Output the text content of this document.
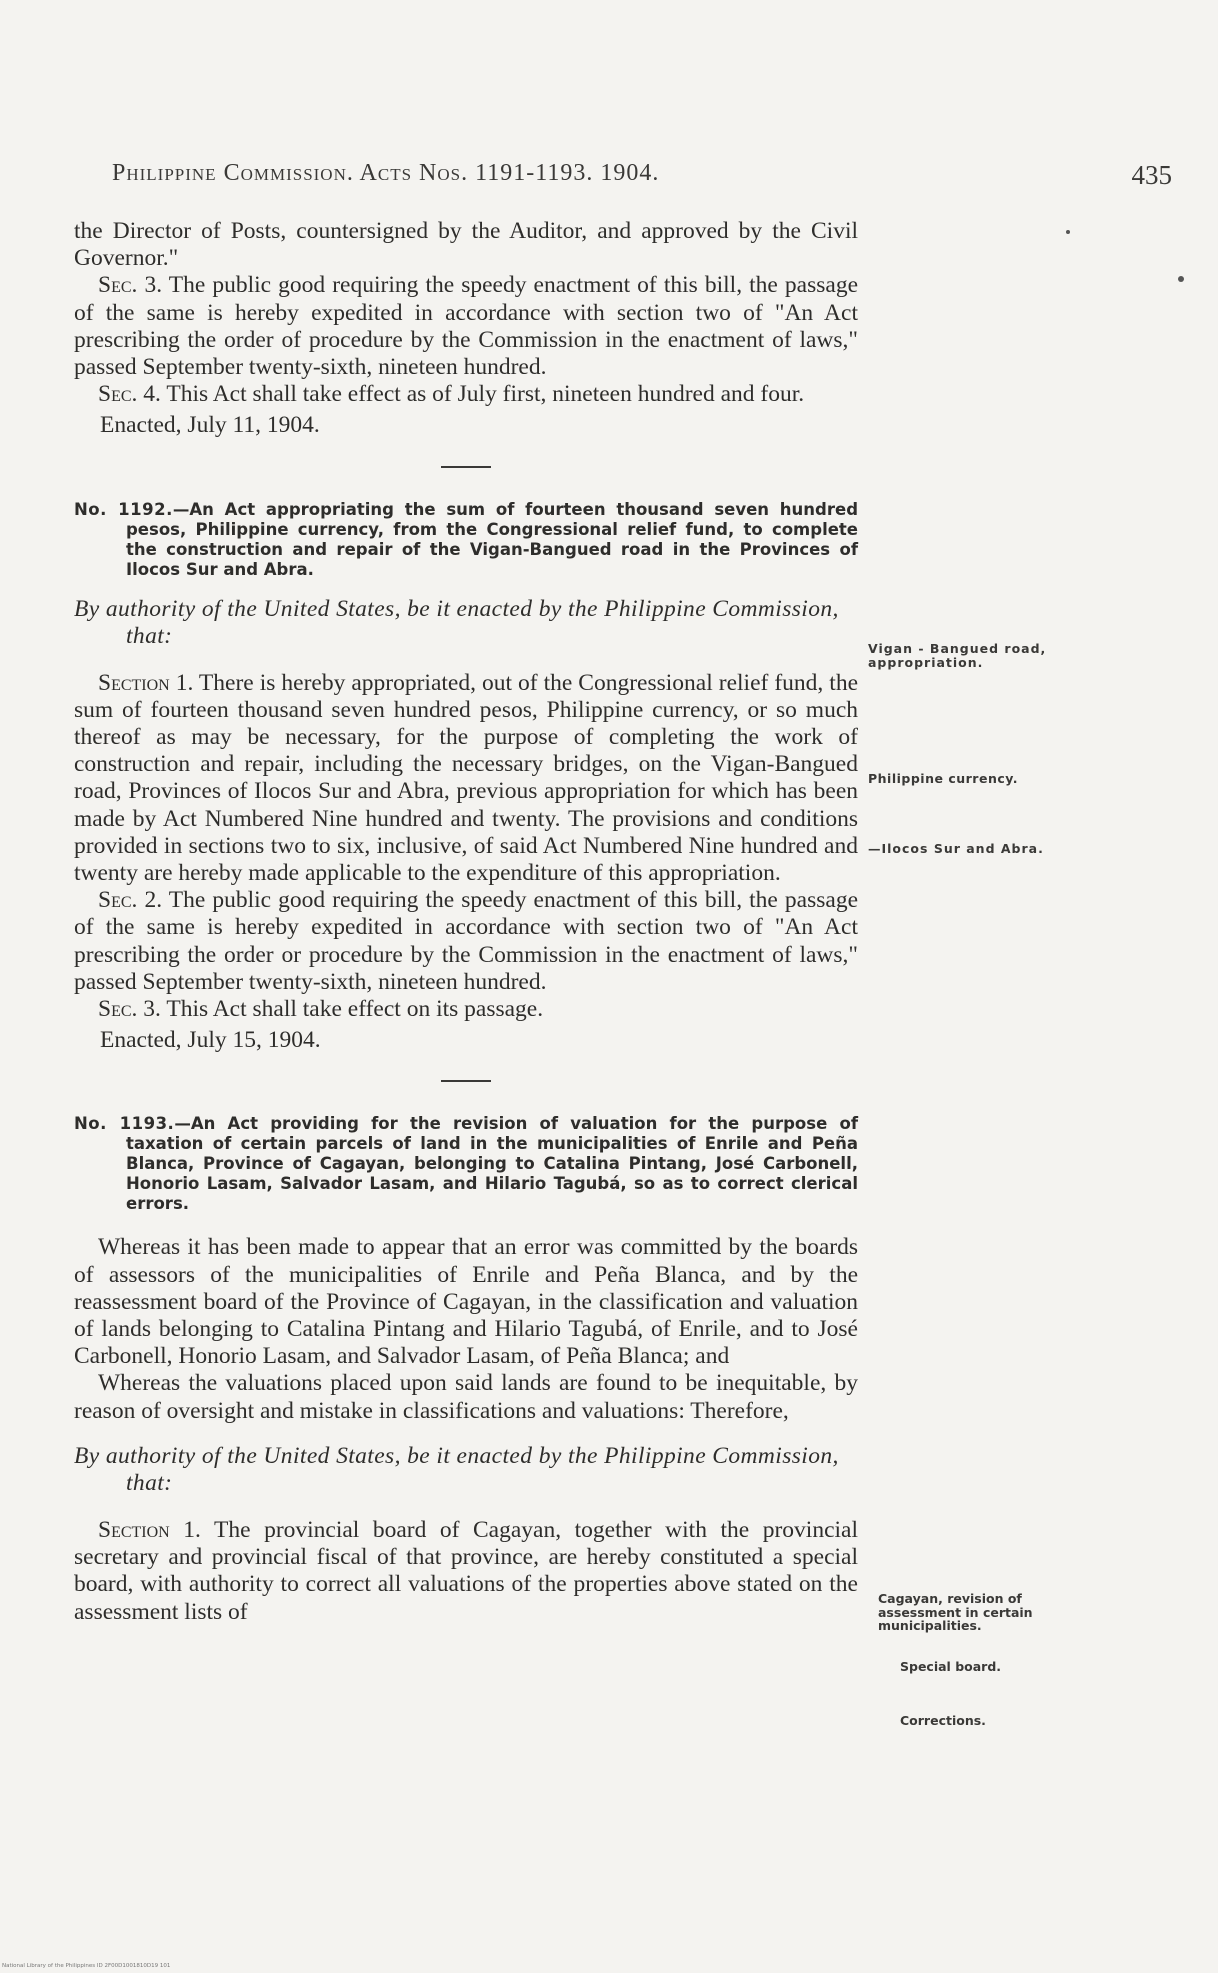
Philippine Commission. Acts Nos. 1191-1193. 1904.	435

the Director of Posts, countersigned by the Auditor, and approved by the Civil Governor."

Sec. 3. The public good requiring the speedy enactment of this bill, the passage of the same is hereby expedited in accordance with section two of "An Act prescribing the order of procedure by the Commission in the enactment of laws," passed September twenty-sixth, nineteen hundred.

Sec. 4. This Act shall take effect as of July first, nineteen hundred and four.

Enacted, July 11, 1904.

No. 1192.—An Act appropriating the sum of fourteen thousand seven hundred pesos, Philippine currency, from the Congressional relief fund, to complete the construction and repair of the Vigan-Bangued road in the Provinces of Ilocos Sur and Abra.

By authority of the United States, be it enacted by the Philippine Commission, that:

Section 1. There is hereby appropriated, out of the Congressional relief fund, the sum of fourteen thousand seven hundred pesos, Philippine currency, or so much thereof as may be necessary, for the purpose of completing the work of construction and repair, including the necessary bridges, on the Vigan-Bangued road, Provinces of Ilocos Sur and Abra, previous appropriation for which has been made by Act Numbered Nine hundred and twenty. The provisions and conditions provided in sections two to six, inclusive, of said Act Numbered Nine hundred and twenty are hereby made applicable to the expenditure of this appropriation.

Sec. 2. The public good requiring the speedy enactment of this bill, the passage of the same is hereby expedited in accordance with section two of "An Act prescribing the order or procedure by the Commission in the enactment of laws," passed September twenty-sixth, nineteen hundred.

Sec. 3. This Act shall take effect on its passage.

Enacted, July 15, 1904.

No. 1193.—An Act providing for the revision of valuation for the purpose of taxation of certain parcels of land in the municipalities of Enrile and Peña Blanca, Province of Cagayan, belonging to Catalina Pintang, José Carbonell, Honorio Lasam, Salvador Lasam, and Hilario Tagubá, so as to correct clerical errors.

Whereas it has been made to appear that an error was committed by the boards of assessors of the municipalities of Enrile and Peña Blanca, and by the reassessment board of the Province of Cagayan, in the classification and valuation of lands belonging to Catalina Pintang and Hilario Tagubá, of Enrile, and to José Carbonell, Honorio Lasam, and Salvador Lasam, of Peña Blanca; and

Whereas the valuations placed upon said lands are found to be inequitable, by reason of oversight and mistake in classifications and valuations: Therefore,

By authority of the United States, be it enacted by the Philippine Commission, that:

Section 1. The provincial board of Cagayan, together with the provincial secretary and provincial fiscal of that province, are hereby constituted a special board, with authority to correct all valuations of the properties above stated on the assessment lists of

Vigan - Bangued road, appropriation.
Philippine currency.
—Ilocos Sur and Abra.
Cagayan, revision of assessment in certain municipalities.
Special board.
Corrections.
National Library of the Philippines ID 2F00D1001810D19 101
